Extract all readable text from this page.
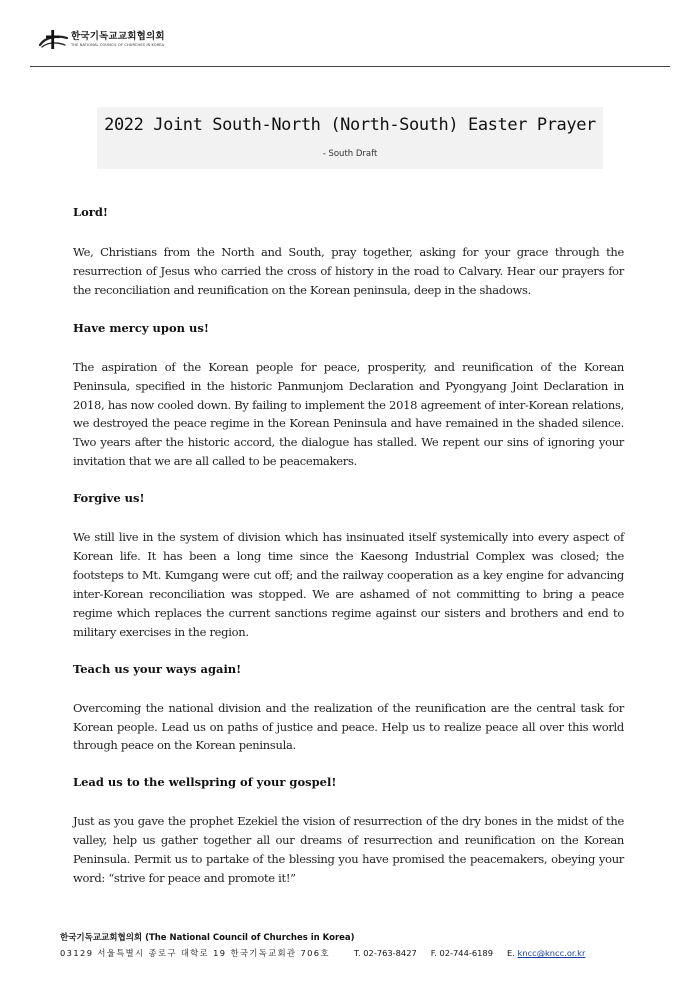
한국기독교교회협의회
THE NATIONAL COUNCIL OF CHURCHES IN KOREA
2022 Joint South-North (North-South) Easter Prayer
- South Draft

Lord!

We, Christians from the North and South, pray together, asking for your grace through the resurrection of Jesus who carried the cross of history in the road to Calvary. Hear our prayers for the reconciliation and reunification on the Korean peninsula, deep in the shadows.

Have mercy upon us!

The aspiration of the Korean people for peace, prosperity, and reunification of the Korean Peninsula, specified in the historic Panmunjom Declaration and Pyongyang Joint Declaration in 2018, has now cooled down. By failing to implement the 2018 agreement of inter-Korean relations, we destroyed the peace regime in the Korean Peninsula and have remained in the shaded silence. Two years after the historic accord, the dialogue has stalled. We repent our sins of ignoring your invitation that we are all called to be peacemakers.

Forgive us!

We still live in the system of division which has insinuated itself systemically into every aspect of Korean life. It has been a long time since the Kaesong Industrial Complex was closed; the footsteps to Mt. Kumgang were cut off; and the railway cooperation as a key engine for advancing inter-Korean reconciliation was stopped. We are ashamed of not committing to bring a peace regime which replaces the current sanctions regime against our sisters and brothers and end to military exercises in the region.

Teach us your ways again!

Overcoming the national division and the realization of the reunification are the central task for Korean people. Lead us on paths of justice and peace. Help us to realize peace all over this world through peace on the Korean peninsula.

Lead us to the wellspring of your gospel!

Just as you gave the prophet Ezekiel the vision of resurrection of the dry bones in the midst of the valley, help us gather together all our dreams of resurrection and reunification on the Korean Peninsula. Permit us to partake of the blessing you have promised the peacemakers, obeying your word: “strive for peace and promote it!”

한국기독교교회협의회 (The National Council of Churches in Korea)
03129 서울특별시 종로구 대학로 19 한국기독교회관 706호	T. 02-763-8427 F. 02-744-6189 E. kncc@kncc.or.kr
